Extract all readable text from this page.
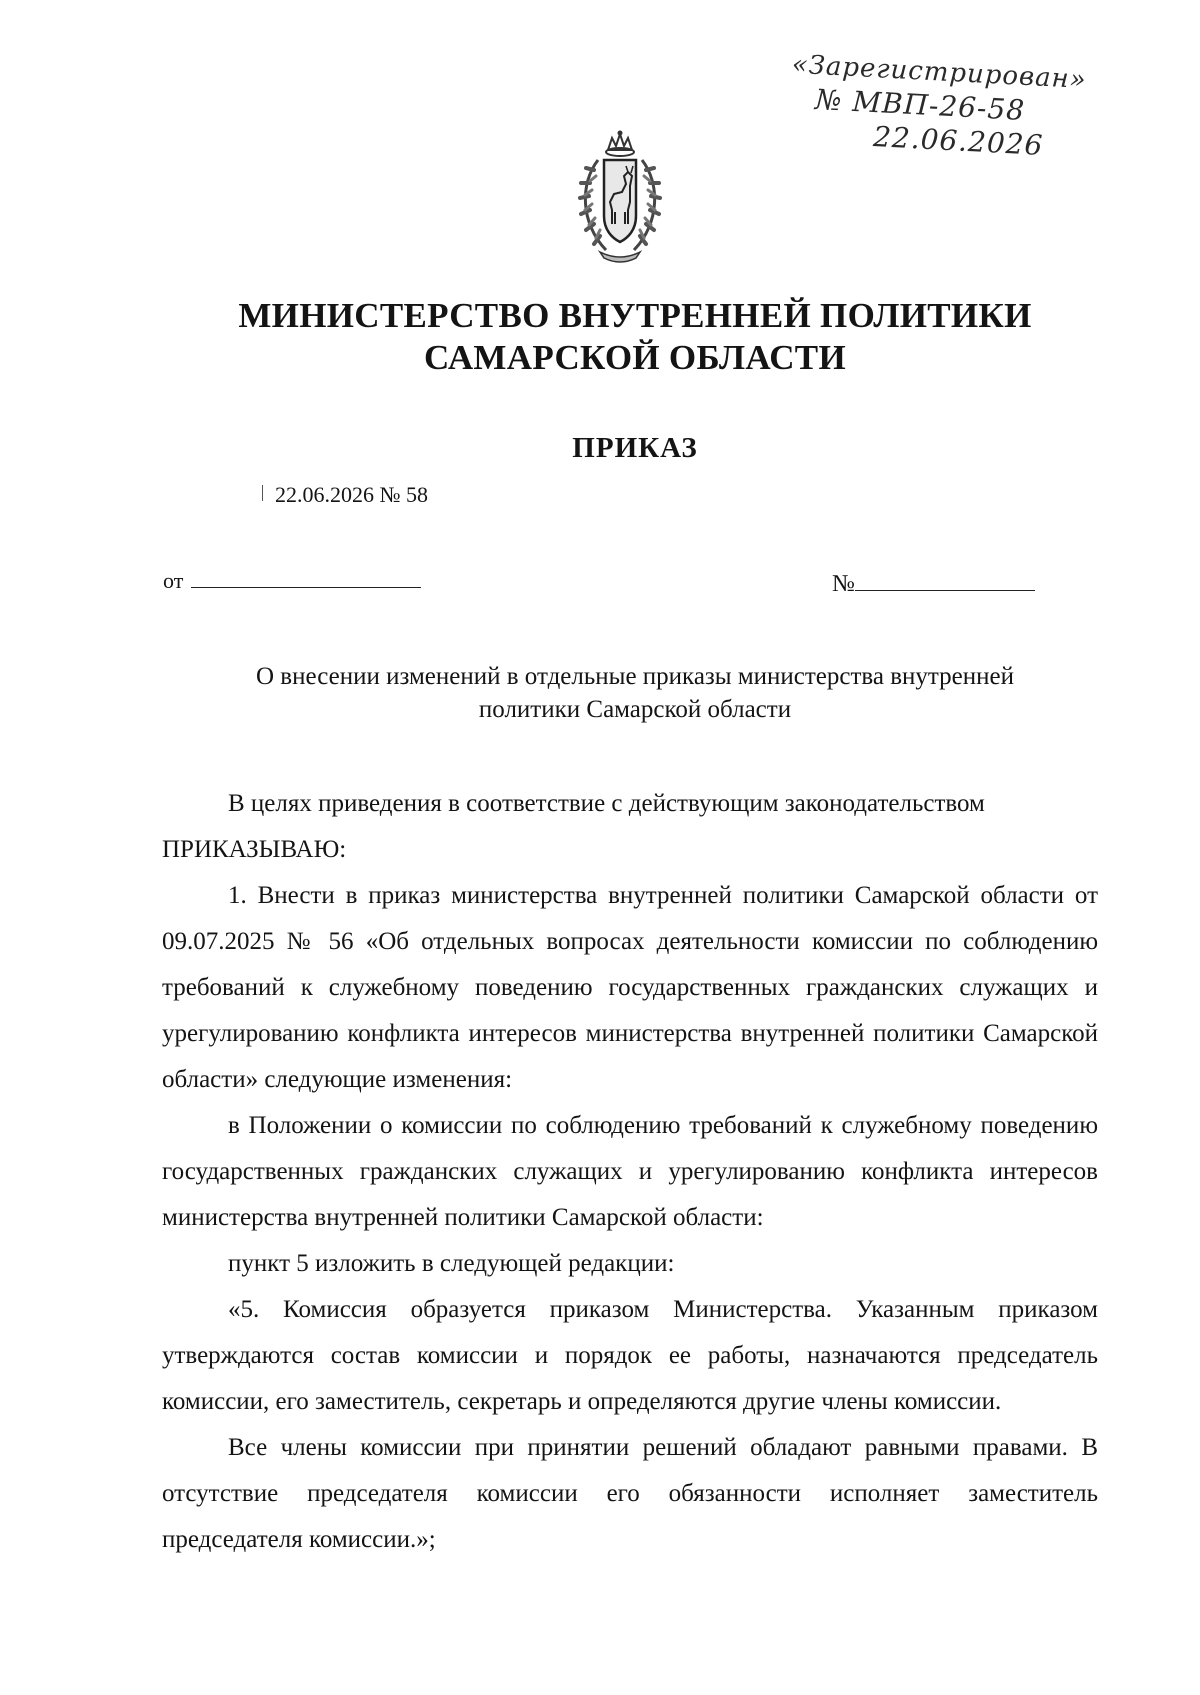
«Зарегистрирован»
№ МВП-26-58
22.06.2026
МИНИСТЕРСТВО ВНУТРЕННЕЙ ПОЛИТИКИ
САМАРСКОЙ ОБЛАСТИ
ПРИКАЗ
22.06.2026 № 58
от	№
О внесении изменений в отдельные приказы министерства внутренней
политики Самарской области

В целях приведения в соответствие с действующим законодательством

ПРИКАЗЫВАЮ:

1. Внести в приказ министерства внутренней политики Самарской области от 09.07.2025 № 56 «Об отдельных вопросах деятельности комиссии по соблюдению требований к служебному поведению государственных гражданских служащих и урегулированию конфликта интересов министерства внутренней политики Самарской области» следующие изменения:

в Положении о комиссии по соблюдению требований к служебному поведению государственных гражданских служащих и урегулированию конфликта интересов министерства внутренней политики Самарской области:

пункт 5 изложить в следующей редакции:

«5. Комиссия образуется приказом Министерства. Указанным приказом утверждаются состав комиссии и порядок ее работы, назначаются председатель комиссии, его заместитель, секретарь и определяются другие члены комиссии.

Все члены комиссии при принятии решений обладают равными правами. В отсутствие председателя комиссии его обязанности исполняет заместитель председателя комиссии.»;
